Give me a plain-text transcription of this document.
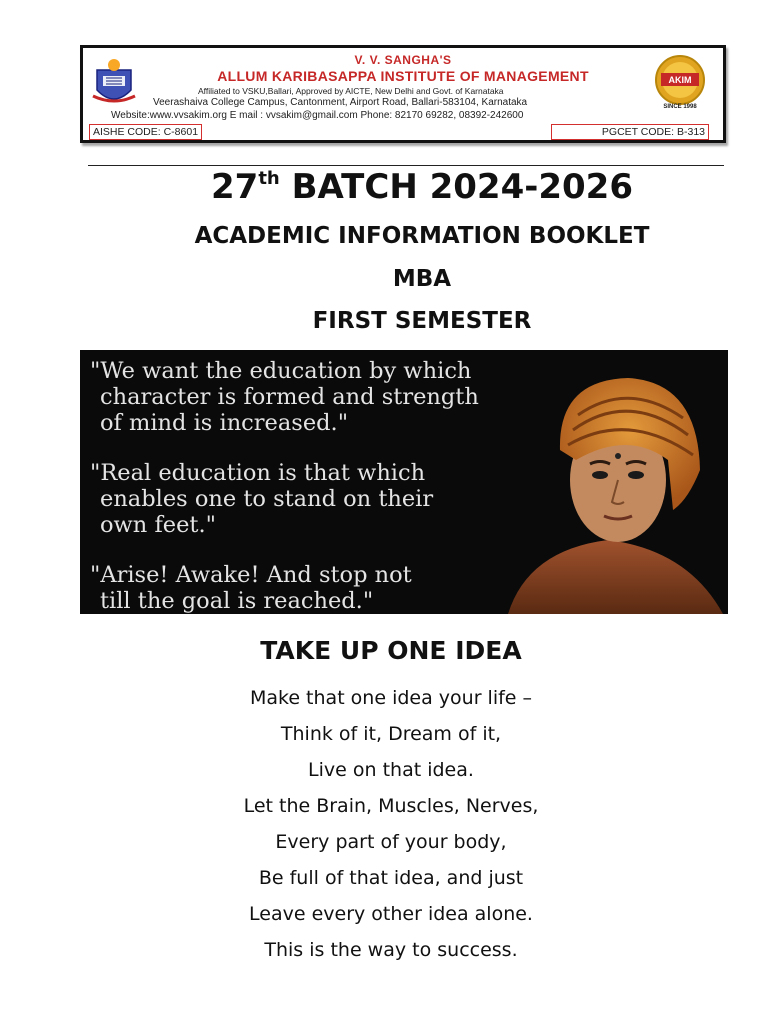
V. V. SANGHA'S
ALLUM KARIBASAPPA INSTITUTE OF MANAGEMENT
Affiliated to VSKU,Ballari, Approved by AICTE, New Delhi and Govt. of Karnataka
Veerashaiva College Campus, Cantonment, Airport Road, Ballari-583104, Karnataka
Website:www.vvsakim.org E mail : vvsakim@gmail.com Phone: 82170 69282, 08392-242600
AKIM
SINCE 1998
AISHE CODE: C-8601	PGCET CODE: B-313
27th BATCH 2024-2026
ACADEMIC INFORMATION BOOKLET
MBA
FIRST SEMESTER

"We want the education by which
character is formed and strength
of mind is increased."

"Real education is that which
enables one to stand on their
own feet."

"Arise! Awake! And stop not
till the goal is reached."

TAKE UP ONE IDEA
Make that one idea your life –
Think of it, Dream of it,
Live on that idea.
Let the Brain, Muscles, Nerves,
Every part of your body,
Be full of that idea, and just
Leave every other idea alone.
This is the way to success.
